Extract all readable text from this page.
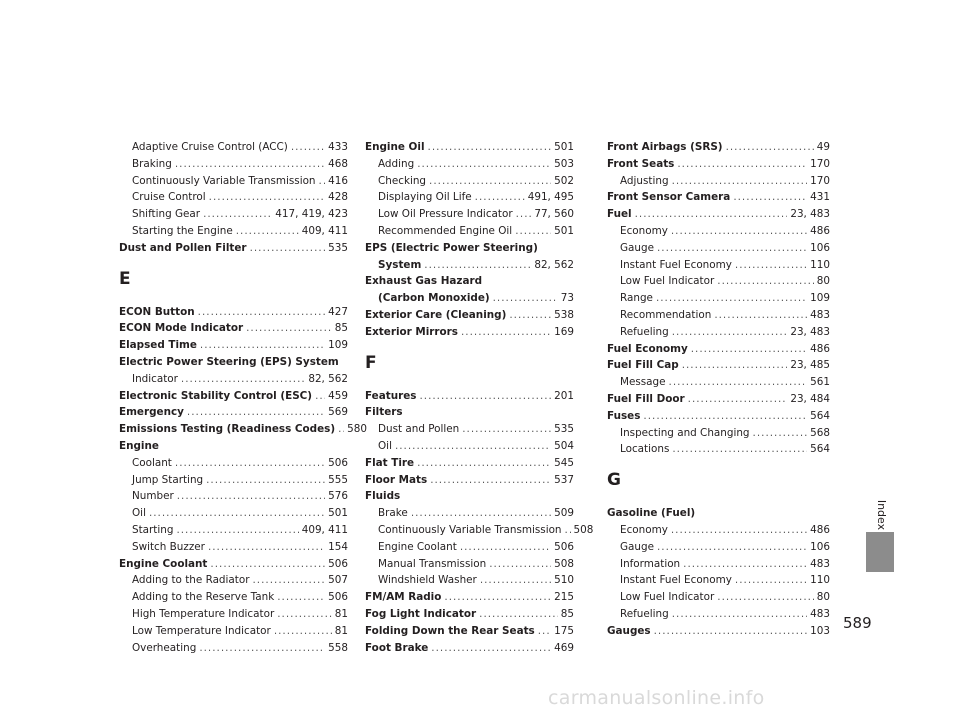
Adaptive Cruise Control (ACC) .....	433
Braking .....	468
Continuously Variable Transmission ..... 416
Cruise Control .....	428
Shifting Gear .....	417, 419, 423
Starting the Engine .....	409, 411
Dust and Pollen Filter .....	535
E
ECON Button .....	427
ECON Mode Indicator .....	85
Elapsed Time .....	109
Electric Power Steering (EPS) System
Indicator .....	82, 562
Electronic Stability Control (ESC) ..... 459
Emergency .....	569
Emissions Testing (Readiness Codes) ..... 580
Engine
Coolant .....	506
Jump Starting .....	555
Number .....	576
Oil .....	501
Starting .....	409, 411
Switch Buzzer .....	154
Engine Coolant .....	506
Adding to the Radiator .....	507
Adding to the Reserve Tank .....	506
High Temperature Indicator .....	81
Low Temperature Indicator .....	81
Overheating .....	558
Engine Oil .....	501
Adding .....	503
Checking .....	502
Displaying Oil Life .....	491, 495
Low Oil Pressure Indicator ..... 77, 560
Recommended Engine Oil .....	501
EPS (Electric Power Steering)
System .....	82, 562
Exhaust Gas Hazard
(Carbon Monoxide) .....	73
Exterior Care (Cleaning) .....	538
Exterior Mirrors .....	169
F
Features .....	201
Filters
Dust and Pollen .....	535
Oil .....	504
Flat Tire .....	545
Floor Mats .....	537
Fluids
Brake .....	509
Continuously Variable Transmission ..... 508
Engine Coolant .....	506
Manual Transmission .....	508
Windshield Washer .....	510
FM/AM Radio .....	215
Fog Light Indicator .....	85
Folding Down the Rear Seats ..... 175
Foot Brake .....	469
Front Airbags (SRS) .....	49
Front Seats .....	170
Adjusting .....	170
Front Sensor Camera .....	431
Fuel .....	23, 483
Economy .....	486
Gauge .....	106
Instant Fuel Economy .....	110
Low Fuel Indicator .....	80
Range .....	109
Recommendation .....	483
Refueling .....	23, 483
Fuel Economy .....	486
Fuel Fill Cap .....	23, 485
Message .....	561
Fuel Fill Door .....	23, 484
Fuses .....	564
Inspecting and Changing .....	568
Locations .....	564
G
Gasoline (Fuel)
Economy .....	486
Gauge .....	106
Information .....	483
Instant Fuel Economy .....	110
Low Fuel Indicator .....	80
Refueling .....	483
Gauges .....	103
Index
589
carmanualsonline.info
